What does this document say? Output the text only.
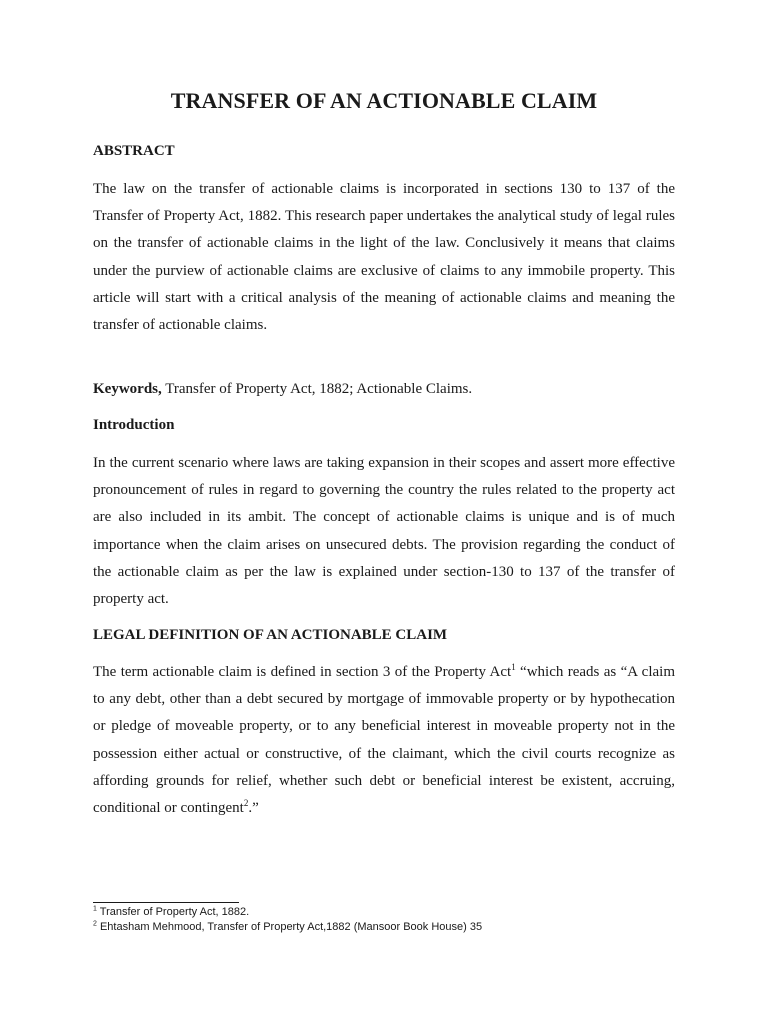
TRANSFER OF AN ACTIONABLE CLAIM
ABSTRACT
The law on the transfer of actionable claims is incorporated in sections 130 to 137 of the Transfer of Property Act, 1882. This research paper undertakes the analytical study of legal rules on the transfer of actionable claims in the light of the law. Conclusively it means that claims under the purview of actionable claims are exclusive of claims to any immobile property. This article will start with a critical analysis of the meaning of actionable claims and meaning the transfer of actionable claims.
Keywords, Transfer of Property Act, 1882; Actionable Claims.
Introduction
In the current scenario where laws are taking expansion in their scopes and assert more effective pronouncement of rules in regard to governing the country the rules related to the property act are also included in its ambit. The concept of actionable claims is unique and is of much importance when the claim arises on unsecured debts. The provision regarding the conduct of the actionable claim as per the law is explained under section-130 to 137 of the transfer of property act.
LEGAL DEFINITION OF AN ACTIONABLE CLAIM
The term actionable claim is defined in section 3 of the Property Act$^1$ “which reads as “A claim to any debt, other than a debt secured by mortgage of immovable property or by hypothecation or pledge of moveable property, or to any beneficial interest in moveable property not in the possession either actual or constructive, of the claimant, which the civil courts recognize as affording grounds for relief, whether such debt or beneficial interest be existent, accruing, conditional or contingent$^2$.”
$^1$ Transfer of Property Act, 1882.
$^2$ Ehtasham Mehmood, Transfer of Property Act,1882 (Mansoor Book House) 35
